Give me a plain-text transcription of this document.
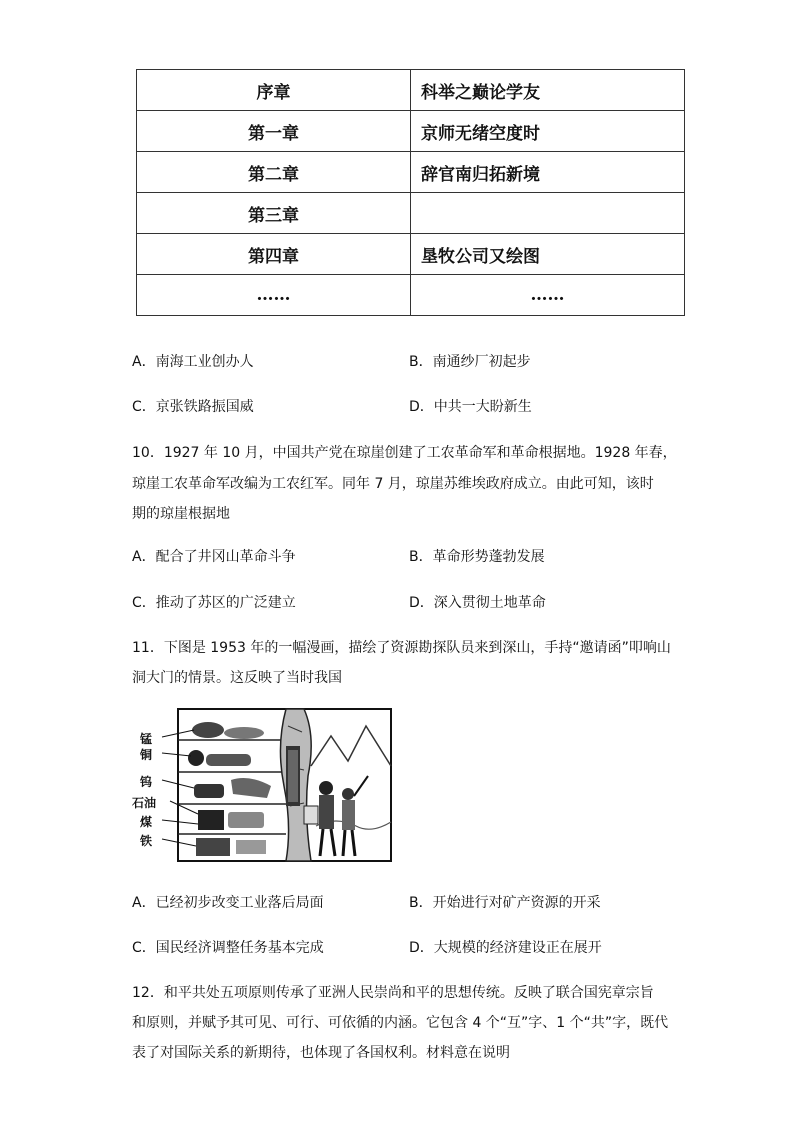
序章	科举之巅论学友
第一章	京师无绪空度时
第二章	辞官南归拓新境
第三章	
第四章	垦牧公司又绘图
……	……
A．南海工业创办人	B．南通纱厂初起步
C．京张铁路振国威	D．中共一大盼新生
10．1927 年 10 月，中国共产党在琼崖创建了工农革命军和革命根据地。1928 年春，
琼崖工农革命军改编为工农红军。同年 7 月，琼崖苏维埃政府成立。由此可知，该时
期的琼崖根据地
A．配合了井冈山革命斗争	B．革命形势蓬勃发展
C．推动了苏区的广泛建立	D．深入贯彻土地革命
11．下图是 1953 年的一幅漫画，描绘了资源勘探队员来到深山，手持“邀请函”叩响山
洞大门的情景。这反映了当时我国
锰
铜
钨
石油
煤
铁
A．已经初步改变工业落后局面	B．开始进行对矿产资源的开采
C．国民经济调整任务基本完成	D．大规模的经济建设正在展开
12．和平共处五项原则传承了亚洲人民崇尚和平的思想传统。反映了联合国宪章宗旨
和原则，并赋予其可见、可行、可依循的内涵。它包含 4 个“互”字、1 个“共”字，既代
表了对国际关系的新期待，也体现了各国权利。材料意在说明
